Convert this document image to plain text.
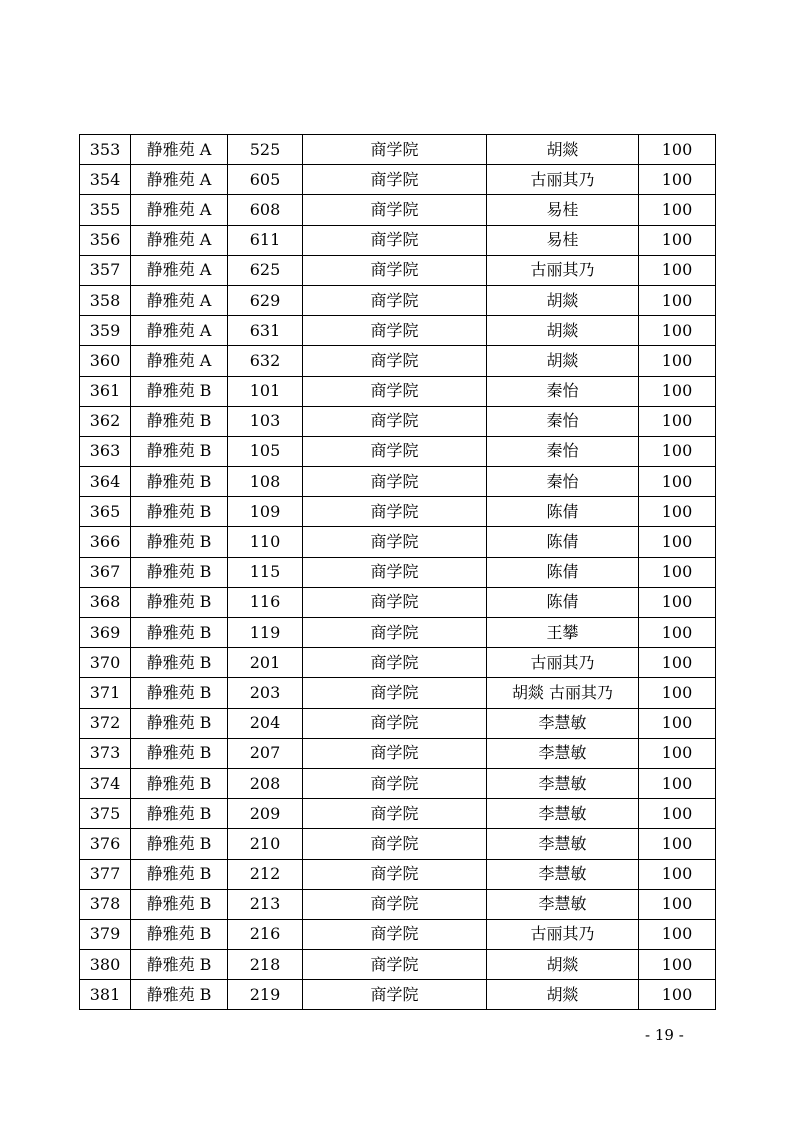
353	静雅苑 A	525	商学院	胡燚	100
354	静雅苑 A	605	商学院	古丽其乃	100
355	静雅苑 A	608	商学院	易桂	100
356	静雅苑 A	611	商学院	易桂	100
357	静雅苑 A	625	商学院	古丽其乃	100
358	静雅苑 A	629	商学院	胡燚	100
359	静雅苑 A	631	商学院	胡燚	100
360	静雅苑 A	632	商学院	胡燚	100
361	静雅苑 B	101	商学院	秦怡	100
362	静雅苑 B	103	商学院	秦怡	100
363	静雅苑 B	105	商学院	秦怡	100
364	静雅苑 B	108	商学院	秦怡	100
365	静雅苑 B	109	商学院	陈倩	100
366	静雅苑 B	110	商学院	陈倩	100
367	静雅苑 B	115	商学院	陈倩	100
368	静雅苑 B	116	商学院	陈倩	100
369	静雅苑 B	119	商学院	王攀	100
370	静雅苑 B	201	商学院	古丽其乃	100
371	静雅苑 B	203	商学院	胡燚 古丽其乃	100
372	静雅苑 B	204	商学院	李慧敏	100
373	静雅苑 B	207	商学院	李慧敏	100
374	静雅苑 B	208	商学院	李慧敏	100
375	静雅苑 B	209	商学院	李慧敏	100
376	静雅苑 B	210	商学院	李慧敏	100
377	静雅苑 B	212	商学院	李慧敏	100
378	静雅苑 B	213	商学院	李慧敏	100
379	静雅苑 B	216	商学院	古丽其乃	100
380	静雅苑 B	218	商学院	胡燚	100
381	静雅苑 B	219	商学院	胡燚	100
- 19 -
